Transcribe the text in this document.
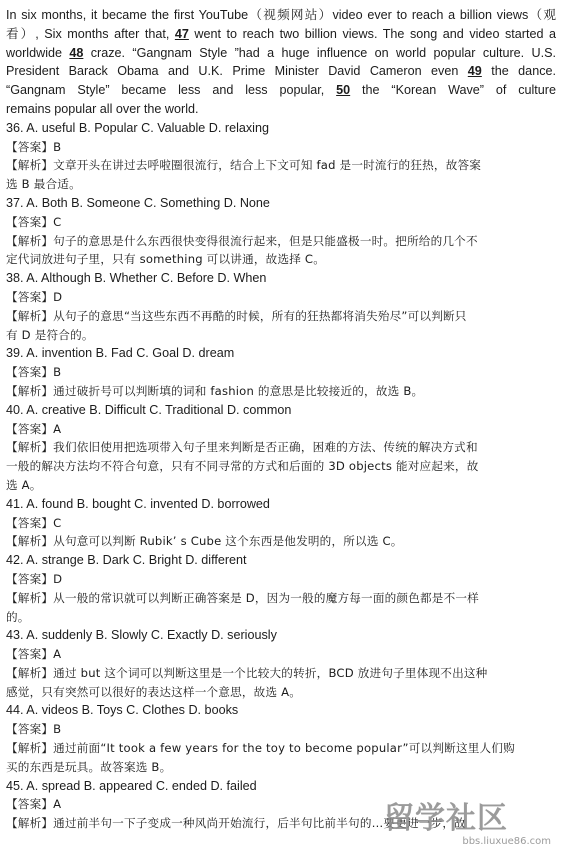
In six months, it became the first YouTube（视频网站）video ever to reach a billion views（观
看）, Six months after that, 47 went to reach two billion views. The song and video started a
worldwide 48 craze. “Gangnam Style ”had a huge influence on world popular culture. U.S.
President Barack Obama and U.K. Prime Minister David Cameron even 49 the dance.
“Gangnam Style” became less and less popular, 50 the “Korean Wave” of culture
remains popular all over the world.
36. A. useful B. Popular C. Valuable D. relaxing
【答案】B
【解析】文章开头在讲过去呼啦圈很流行，结合上下文可知 fad 是一时流行的狂热，故答案
选 B 最合适。
37. A. Both B. Someone C. Something D. None
【答案】C
【解析】句子的意思是什么东西很快变得很流行起来，但是只能盛极一时。把所给的几个不
定代词放进句子里，只有 something 可以讲通，故选择 C。
38. A. Although B. Whether C. Before D. When
【答案】D
【解析】从句子的意思“当这些东西不再酷的时候，所有的狂热都将消失殆尽”可以判断只
有 D 是符合的。
39. A. invention B. Fad C. Goal D. dream
【答案】B
【解析】通过破折号可以判断填的词和 fashion 的意思是比较接近的，故选 B。
40. A. creative B. Difficult C. Traditional D. common
【答案】A
【解析】我们依旧使用把选项带入句子里来判断是否正确，困难的方法、传统的解决方式和
一般的解决方法均不符合句意，只有不同寻常的方式和后面的 3D objects 能对应起来，故
选 A。
41. A. found B. bought C. invented D. borrowed
【答案】C
【解析】从句意可以判断 Rubik’ s Cube 这个东西是他发明的，所以选 C。
42. A. strange B. Dark C. Bright D. different
【答案】D
【解析】从一般的常识就可以判断正确答案是 D，因为一般的魔方每一面的颜色都是不一样
的。
43. A. suddenly B. Slowly C. Exactly D. seriously
【答案】A
【解析】通过 but 这个词可以判断这里是一个比较大的转折，BCD 放进句子里体现不出这种
感觉，只有突然可以很好的表达这样一个意思，故选 A。
44. A. videos B. Toys C. Clothes D. books
【答案】B
【解析】通过前面“It took a few years for the toy to become popular”可以判断这里人们购
买的东西是玩具。故答案选 B。
45. A. spread B. appeared C. ended D. failed
【答案】A
【解析】通过前半句一下子变成一种风尚开始流行，后半句比前半句的…要更进一步，故
留学社区
bbs.liuxue86.com
